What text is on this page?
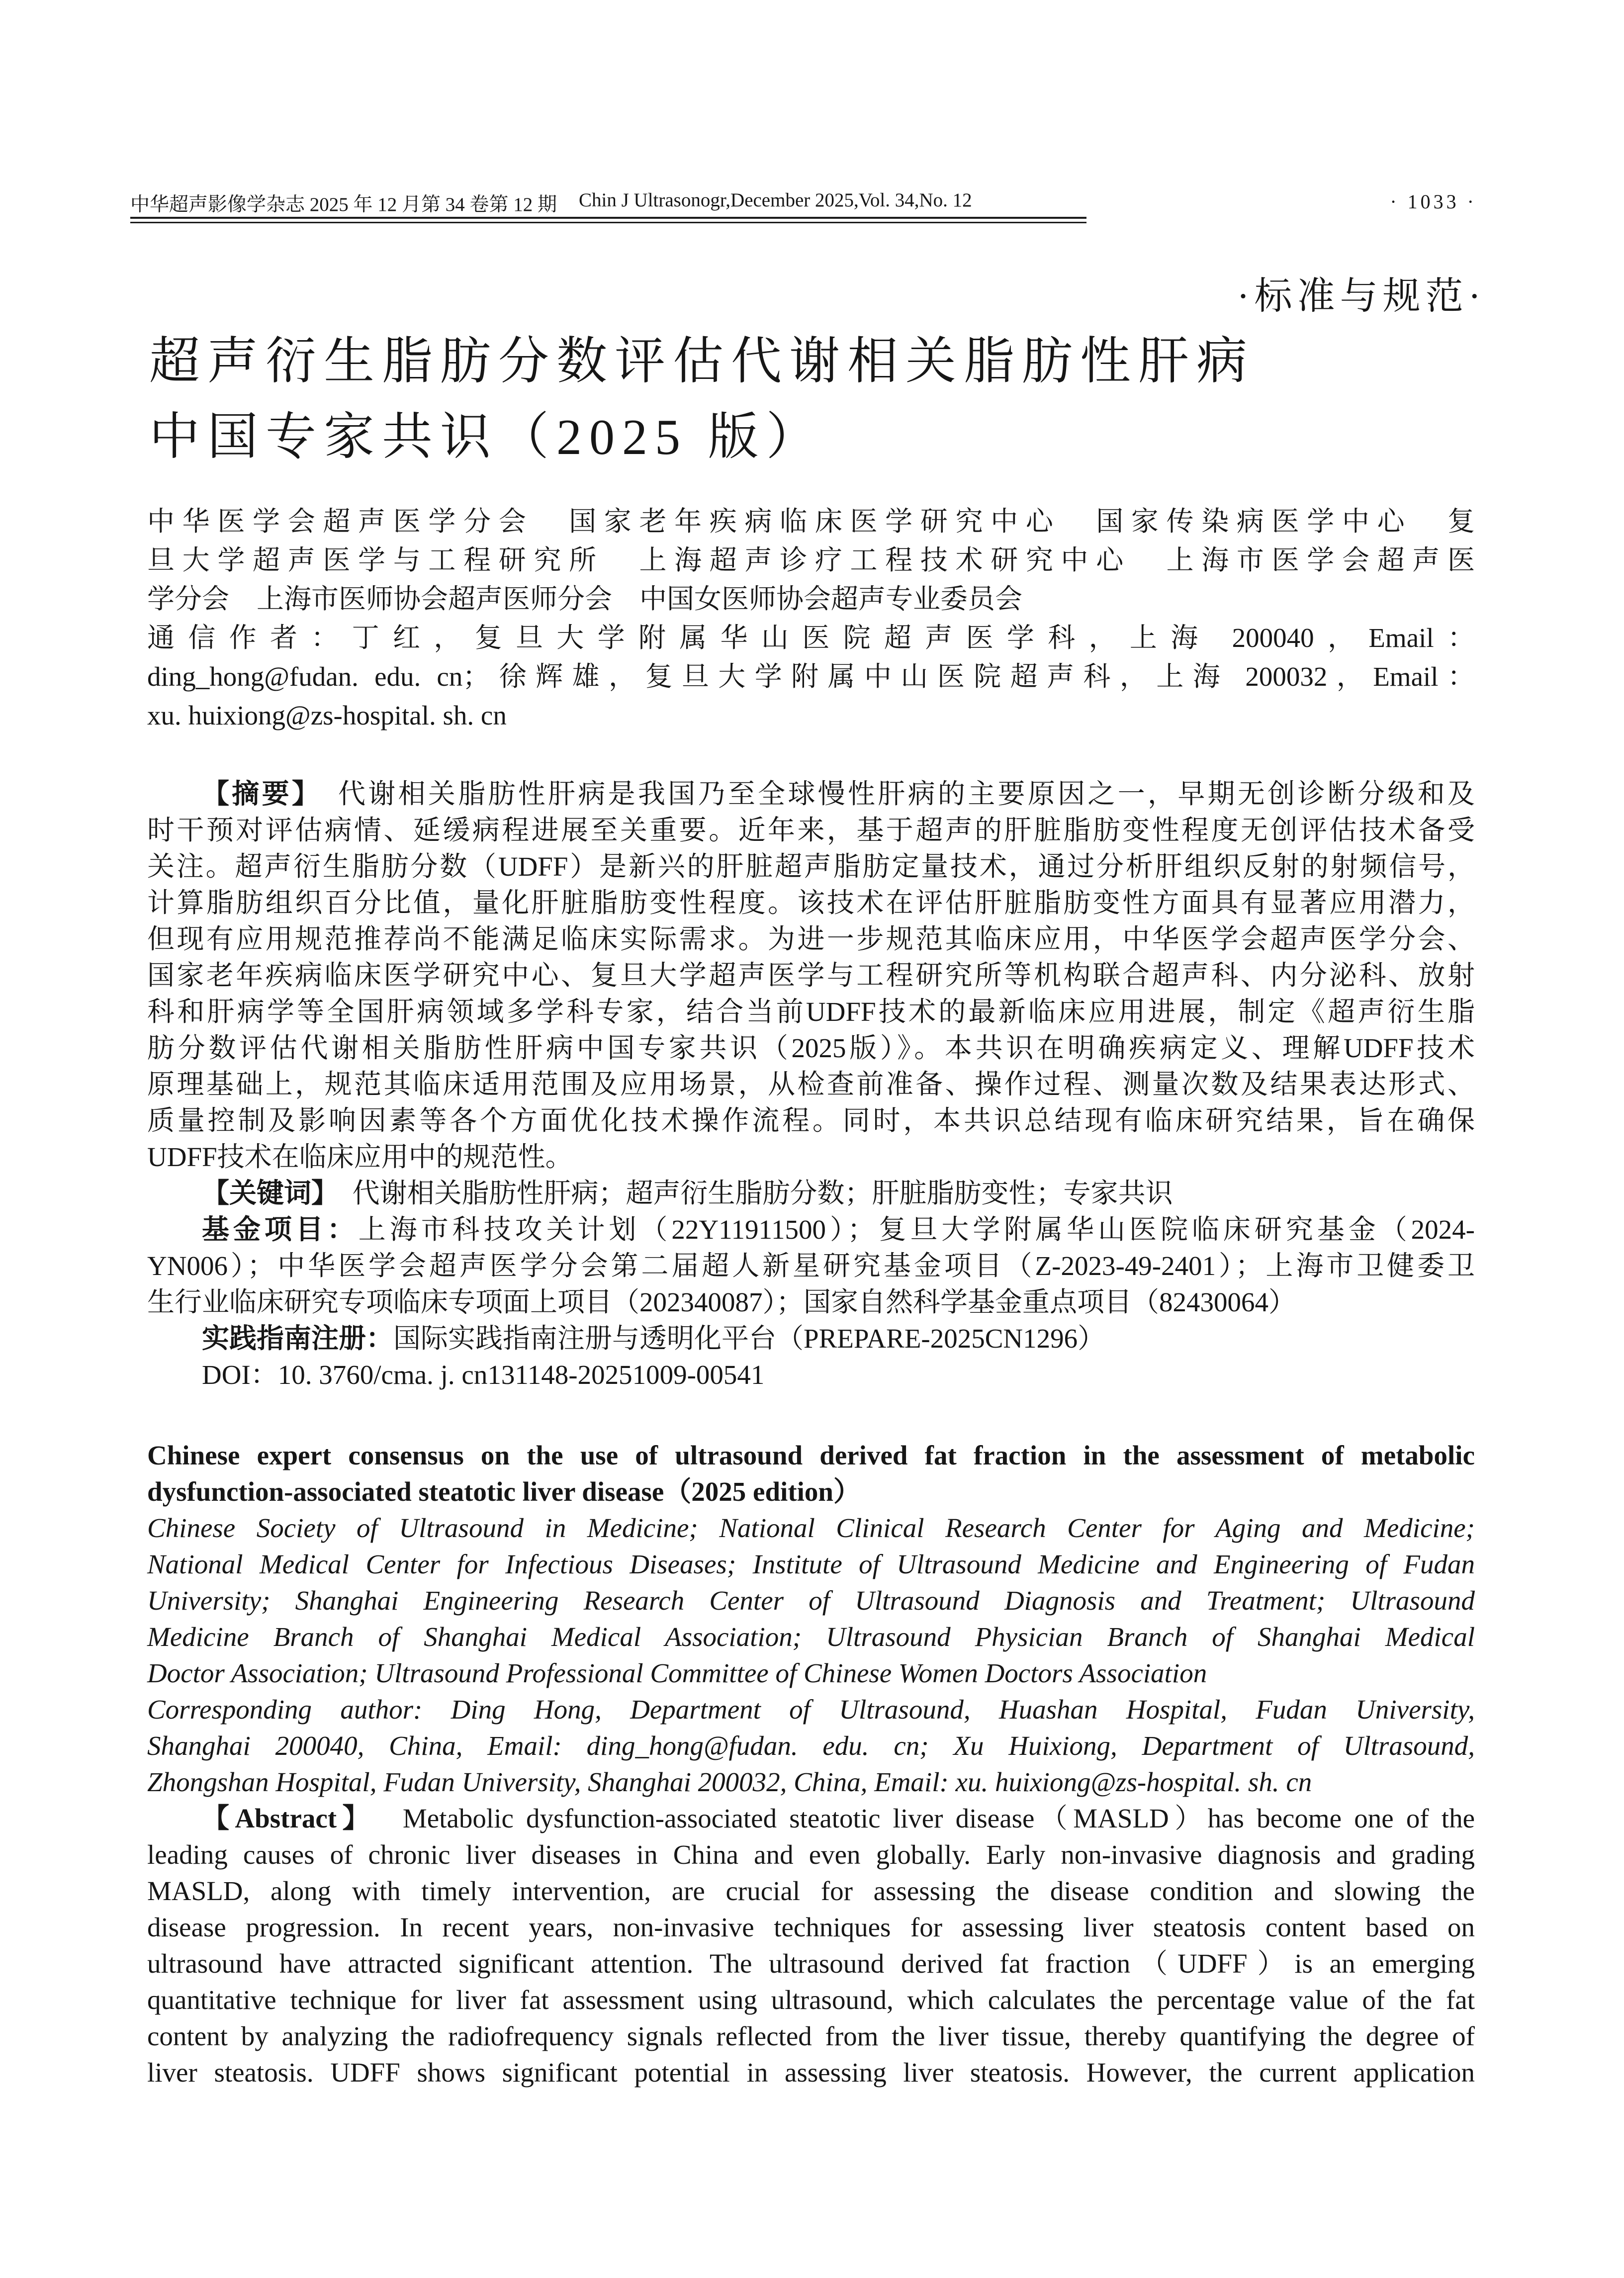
中华超声影像学杂志 2025 年 12 月第 34 卷第 12 期 Chin J Ultrasonogr,December 2025,Vol. 34,No. 12	· 1033 ·
·标准与规范·
超声衍生脂肪分数评估代谢相关脂肪性肝病
中国专家共识（2025 版）
中华医学会超声医学分会　国家老年疾病临床医学研究中心　国家传染病医学中心　复
旦大学超声医学与工程研究所　上海超声诊疗工程技术研究中心　上海市医学会超声医
学分会　上海市医师协会超声医师分会　中国女医师协会超声专业委员会
通信作者：丁红，复旦大学附属华山医院超声医学科，上海 200040，Email：
ding_hong@fudan. edu. cn；徐辉雄，复旦大学附属中山医院超声科，上海 200032，Email：
xu. huixiong@zs-hospital. sh. cn
【摘要】　代谢相关脂肪性肝病是我国乃至全球慢性肝病的主要原因之一，早期无创诊断分级和及
时干预对评估病情、延缓病程进展至关重要。近年来，基于超声的肝脏脂肪变性程度无创评估技术备受
关注。超声衍生脂肪分数（UDFF）是新兴的肝脏超声脂肪定量技术，通过分析肝组织反射的射频信号，
计算脂肪组织百分比值，量化肝脏脂肪变性程度。该技术在评估肝脏脂肪变性方面具有显著应用潜力，
但现有应用规范推荐尚不能满足临床实际需求。为进一步规范其临床应用，中华医学会超声医学分会、
国家老年疾病临床医学研究中心、复旦大学超声医学与工程研究所等机构联合超声科、内分泌科、放射
科和肝病学等全国肝病领域多学科专家，结合当前UDFF技术的最新临床应用进展，制定《超声衍生脂
肪分数评估代谢相关脂肪性肝病中国专家共识（2025版）》。本共识在明确疾病定义、理解UDFF技术
原理基础上，规范其临床适用范围及应用场景，从检查前准备、操作过程、测量次数及结果表达形式、
质量控制及影响因素等各个方面优化技术操作流程。同时，本共识总结现有临床研究结果，旨在确保
UDFF技术在临床应用中的规范性。
【关键词】　代谢相关脂肪性肝病；超声衍生脂肪分数；肝脏脂肪变性；专家共识
基金项目：上海市科技攻关计划（22Y11911500）；复旦大学附属华山医院临床研究基金（2024-
YN006）；中华医学会超声医学分会第二届超人新星研究基金项目（Z-2023-49-2401）；上海市卫健委卫
生行业临床研究专项临床专项面上项目（202340087）；国家自然科学基金重点项目（82430064）
实践指南注册：国际实践指南注册与透明化平台（PREPARE-2025CN1296）
DOI：10. 3760/cma. j. cn131148-20251009-00541
Chinese expert consensus on the use of ultrasound derived fat fraction in the assessment of metabolic
dysfunction-associated steatotic liver disease（2025 edition）
Chinese Society of Ultrasound in Medicine; National Clinical Research Center for Aging and Medicine;
National Medical Center for Infectious Diseases; Institute of Ultrasound Medicine and Engineering of Fudan
University; Shanghai Engineering Research Center of Ultrasound Diagnosis and Treatment; Ultrasound
Medicine Branch of Shanghai Medical Association; Ultrasound Physician Branch of Shanghai Medical
Doctor Association; Ultrasound Professional Committee of Chinese Women Doctors Association
Corresponding author: Ding Hong, Department of Ultrasound, Huashan Hospital, Fudan University,
Shanghai 200040, China, Email: ding_hong@fudan. edu. cn; Xu Huixiong, Department of Ultrasound,
Zhongshan Hospital, Fudan University, Shanghai 200032, China, Email: xu. huixiong@zs-hospital. sh. cn
【Abstract】 Metabolic dysfunction-associated steatotic liver disease（MASLD）has become one of the
leading causes of chronic liver diseases in China and even globally. Early non-invasive diagnosis and grading
MASLD, along with timely intervention, are crucial for assessing the disease condition and slowing the
disease progression. In recent years, non-invasive techniques for assessing liver steatosis content based on
ultrasound have attracted significant attention. The ultrasound derived fat fraction（UDFF）is an emerging
quantitative technique for liver fat assessment using ultrasound, which calculates the percentage value of the fat
content by analyzing the radiofrequency signals reflected from the liver tissue, thereby quantifying the degree of
liver steatosis. UDFF shows significant potential in assessing liver steatosis. However, the current application
